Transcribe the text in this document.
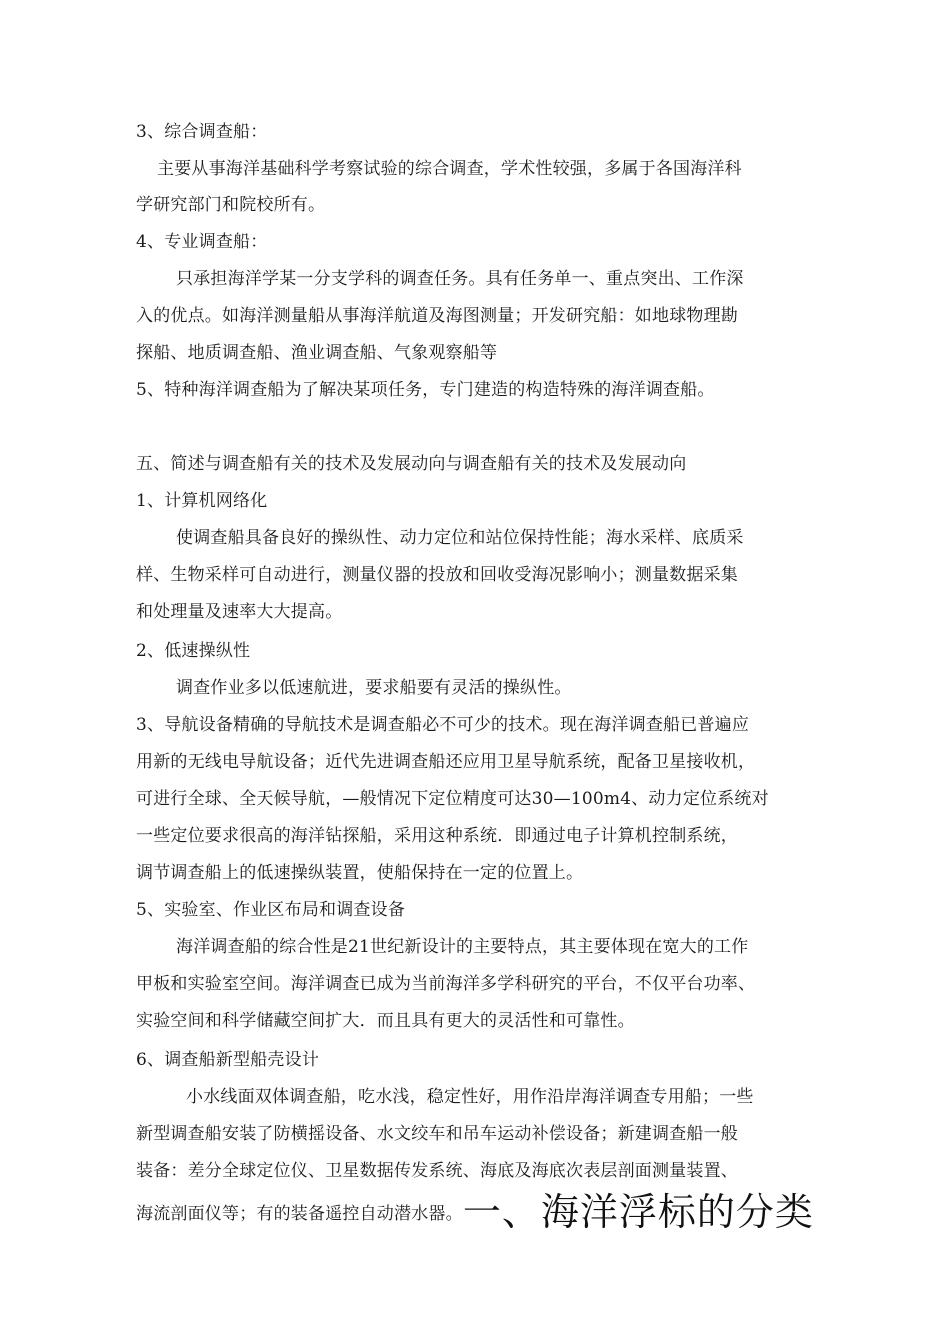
3、综合调查船：
主要从事海洋基础科学考察试验的综合调查，学术性较强，多属于各国海洋科
学研究部门和院校所有。
4、专业调查船：
只承担海洋学某一分支学科的调查任务。具有任务单一、重点突出、工作深
入的优点。如海洋测量船从事海洋航道及海图测量；开发研究船：如地球物理勘
探船、地质调查船、渔业调查船、气象观察船等
5、特种海洋调查船为了解决某项任务，专门建造的构造特殊的海洋调查船。
五、简述与调查船有关的技术及发展动向与调查船有关的技术及发展动向
1、计算机网络化
使调查船具备良好的操纵性、动力定位和站位保持性能；海水采样、底质采
样、生物采样可自动进行，测量仪器的投放和回收受海况影响小；测量数据采集
和处理量及速率大大提高。
2、低速操纵性
调查作业多以低速航进，要求船要有灵活的操纵性。
3、导航设备精确的导航技术是调查船必不可少的技术。现在海洋调查船已普遍应
用新的无线电导航设备；近代先进调查船还应用卫星导航系统，配备卫星接收机，
可进行全球、全天候导航，—般情况下定位精度可达30—100m4、动力定位系统对
一些定位要求很高的海洋钻探船，采用这种系统．即通过电子计算机控制系统，
调节调查船上的低速操纵装置，使船保持在一定的位置上。
5、实验室、作业区布局和调查设备
海洋调查船的综合性是21世纪新设计的主要特点，其主要体现在宽大的工作
甲板和实验室空间。海洋调查已成为当前海洋多学科研究的平台，不仅平台功率、
实验空间和科学储藏空间扩大．而且具有更大的灵活性和可靠性。
6、调查船新型船壳设计
小水线面双体调查船，吃水浅，稳定性好，用作沿岸海洋调查专用船；一些
新型调查船安装了防横摇设备、水文绞车和吊车运动补偿设备；新建调查船一般
装备：差分全球定位仪、卫星数据传发系统、海底及海底次表层剖面测量装置、
海流剖面仪等；有的装备遥控自动潜水器。一、海洋浮标的分类
